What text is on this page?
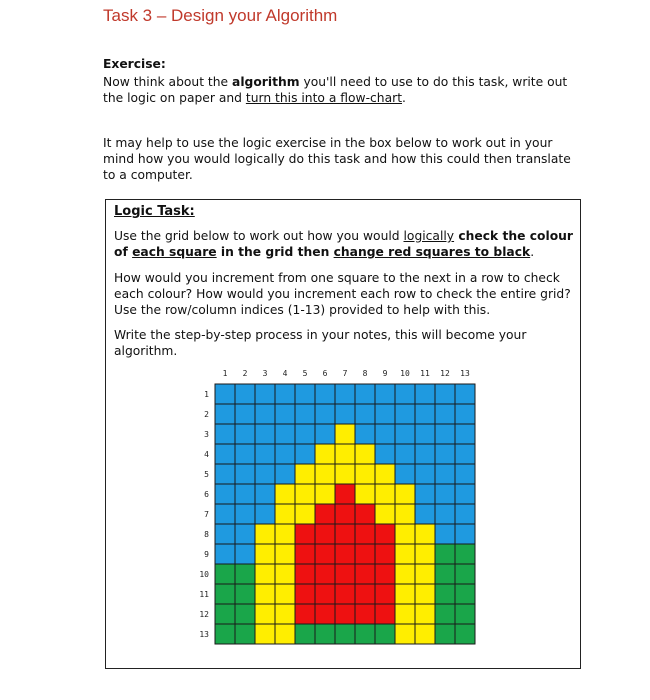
Task 3 – Design your Algorithm
Exercise:
Now think about the algorithm you'll need to use to do this task, write out the logic on paper and turn this into a flow-chart.
It may help to use the logic exercise in the box below to work out in your mind how you would logically do this task and how this could then translate to a computer.
Logic Task:
Use the grid below to work out how you would logically check the colour of each square in the grid then change red squares to black.
How would you increment from one square to the next in a row to check each colour? How would you increment each row to check the entire grid? Use the row/column indices (1-13) provided to help with this.
Write the step-by-step process in your notes, this will become your algorithm.
1 2 3 4 5 6 7 8 9 10 11 12 13
1
2
3
4
5
6
7
8
9
10
11
12
13
